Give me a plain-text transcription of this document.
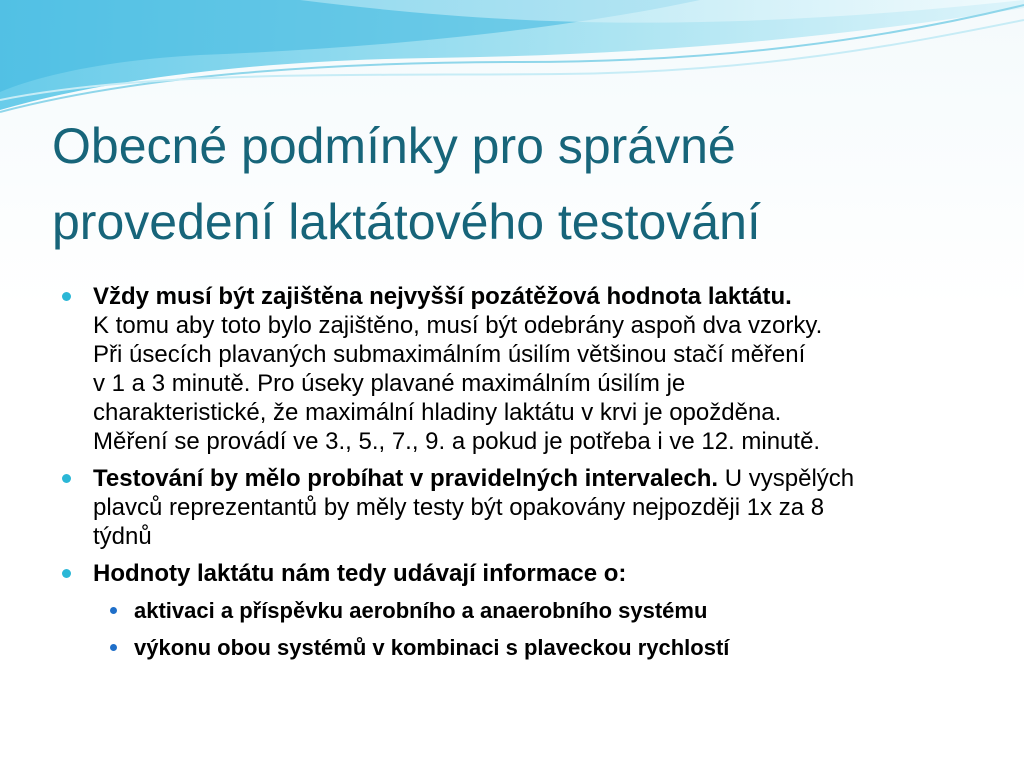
Obecné podmínky pro správné
provedení laktátového testování
Vždy musí být zajištěna nejvyšší pozátěžová hodnota laktátu.
K tomu aby toto bylo zajištěno, musí být odebrány aspoň dva vzorky.
Při úsecích plavaných submaximálním úsilím většinou stačí měření
v 1 a 3 minutě. Pro úseky plavané maximálním úsilím je
charakteristické, že maximální hladiny laktátu v krvi je opožděna.
Měření se provádí ve 3., 5., 7., 9. a pokud je potřeba i ve 12. minutě.
Testování by mělo probíhat v pravidelných intervalech. U vyspělých
plavců reprezentantů by měly testy být opakovány nejpozději 1x za 8
týdnů
Hodnoty laktátu nám tedy udávají informace o:
aktivaci a příspěvku aerobního a anaerobního systému
výkonu obou systémů v kombinaci s plaveckou rychlostí
